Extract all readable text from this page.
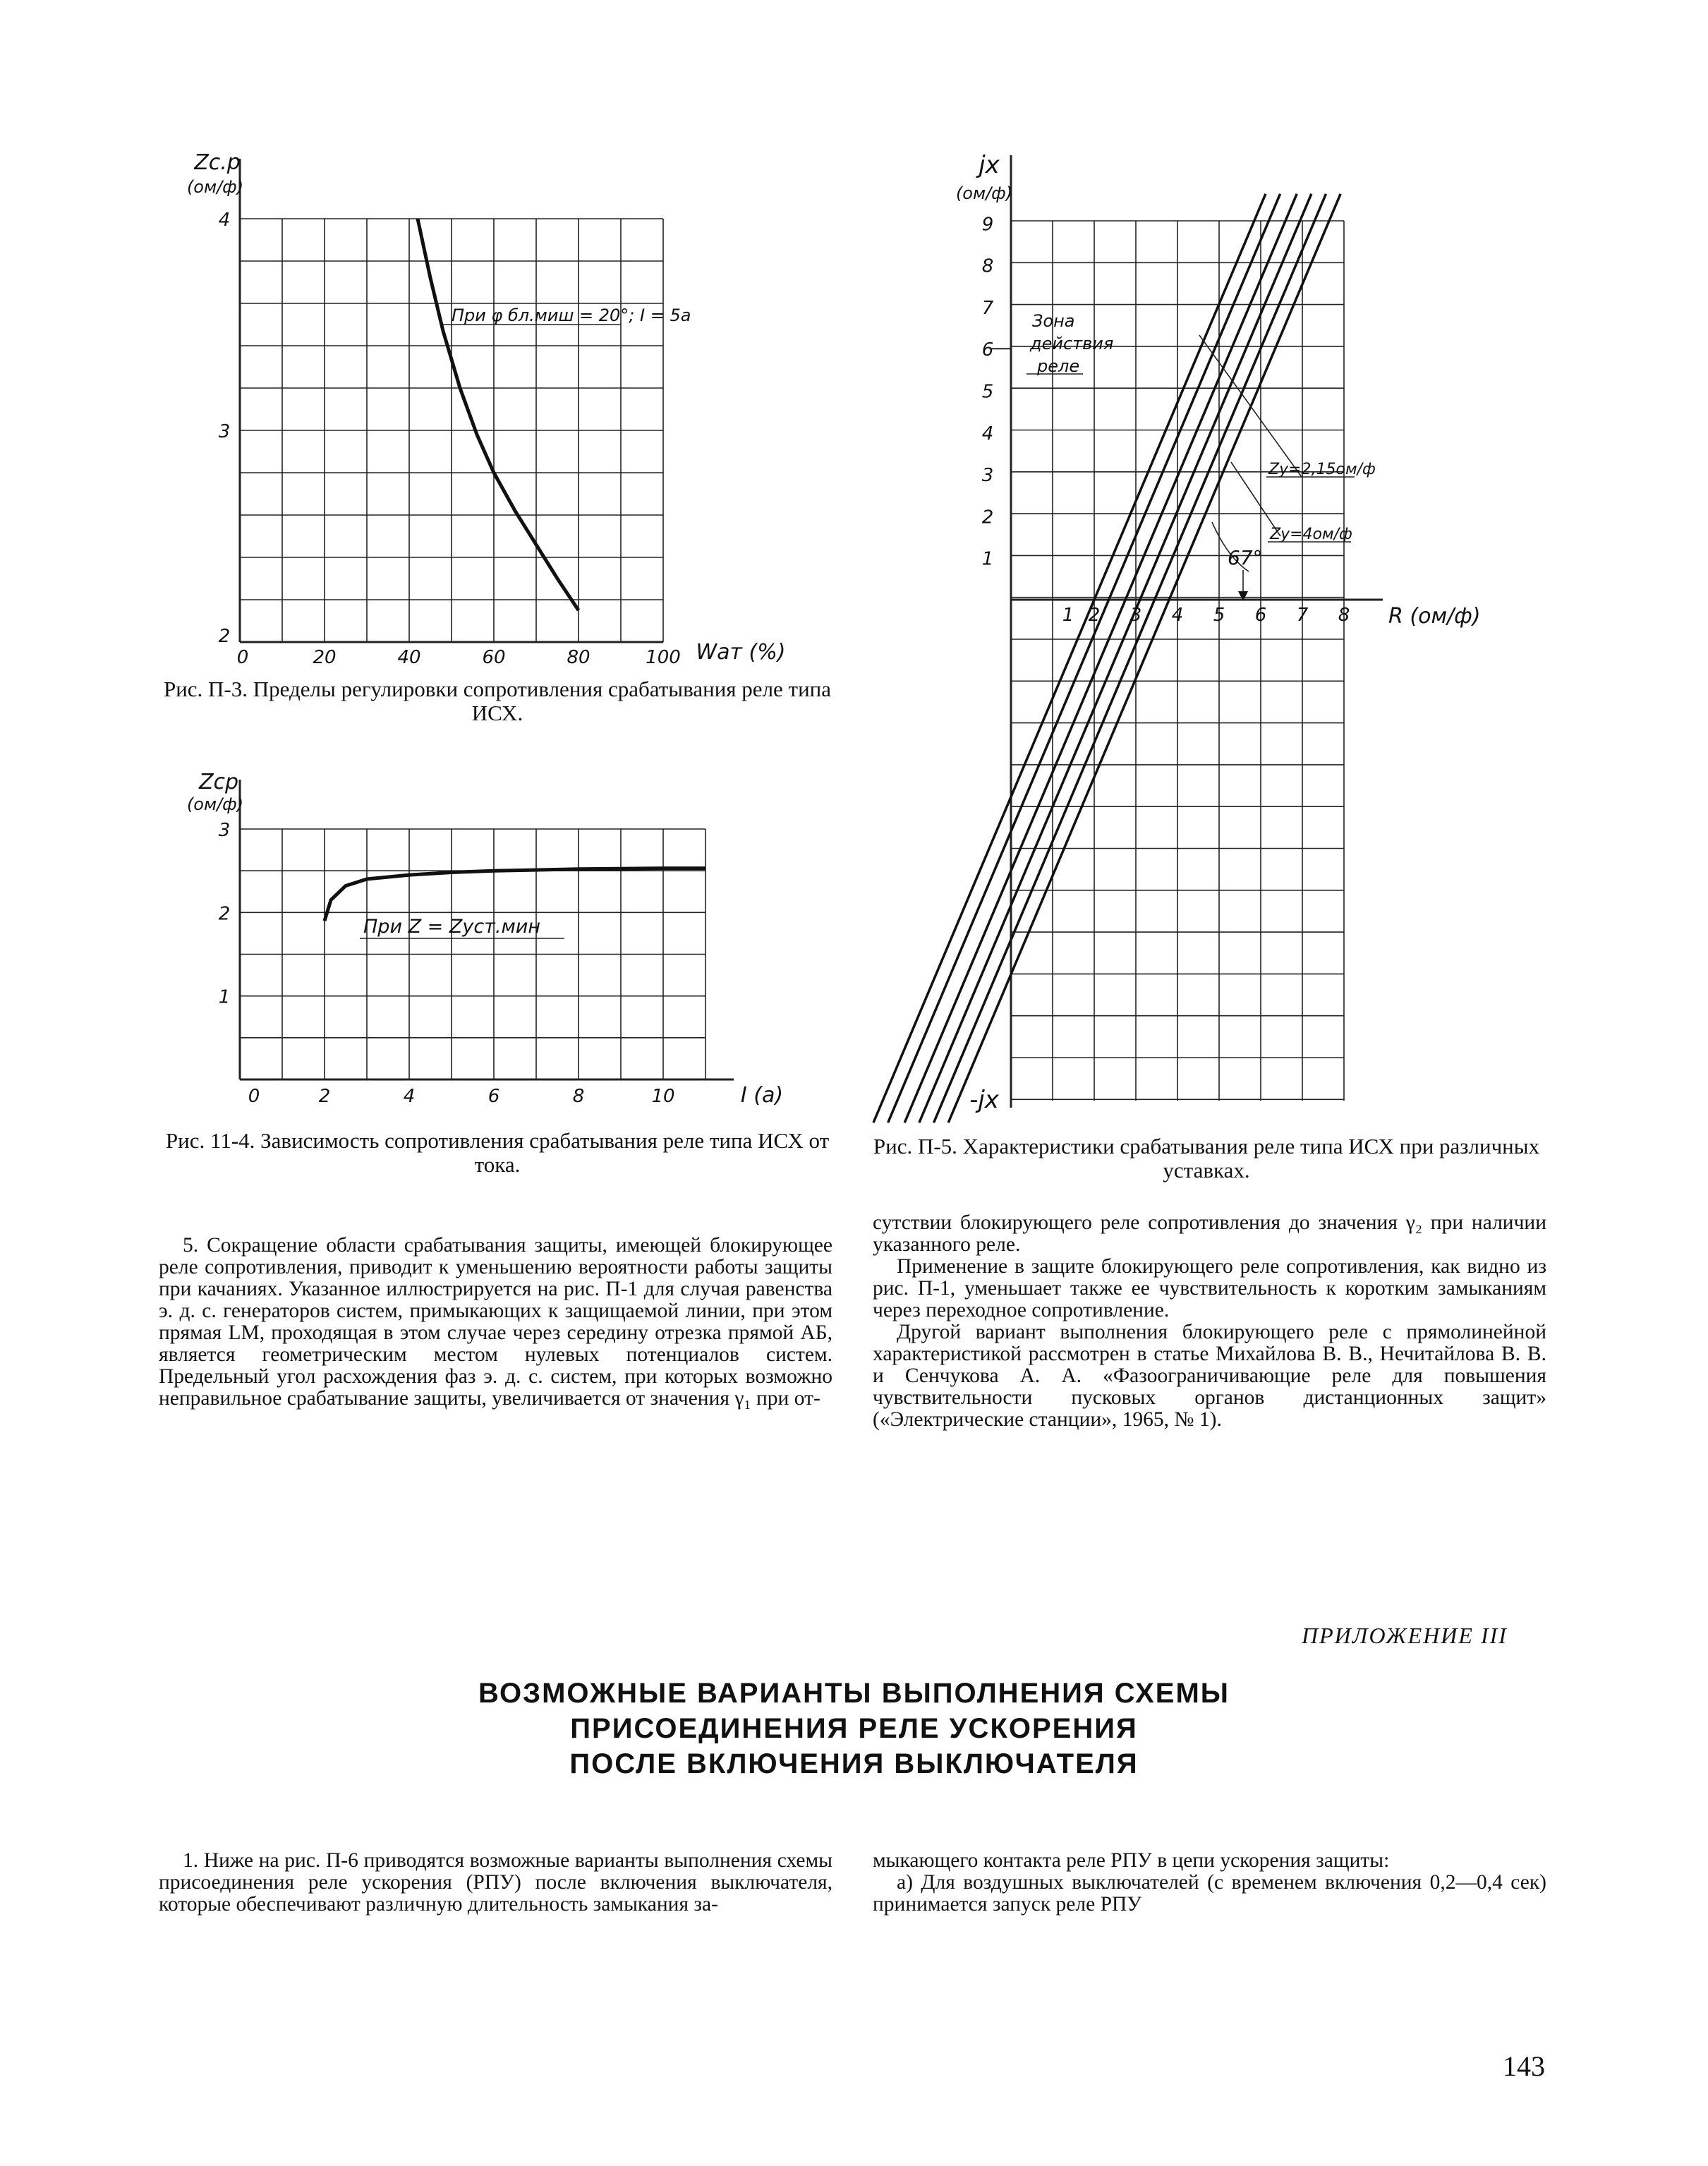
0	20	40	60	80	100
2
3
4
Zc.p
(ом/ф)
Wат (%)
При φ бл.миш = 20°; I = 5а
Рис. П-3. Пределы регулировки сопротивления срабатывания реле типа ИСХ.
0	2	4	6	8	10
1
2
3
Zср
(ом/ф)
I (а)
При Z = Zуст.мин
Рис. 11-4. Зависимость сопротивления срабатывания реле типа ИСХ от тока.
1
2
3
4
5
6
7
8
9
1 2 3 4 5 6 7 8
jx
(ом/ф)
-jx
R (ом/ф)
Зона
действия
реле
Zу=2,15ом/ф
Zу=4ом/ф
67°
Рис. П-5. Характеристики срабатывания реле типа ИСХ при различных уставках.

5. Сокращение области срабатывания защиты, имеющей блокирующее реле сопротивления, приводит к уменьшению вероятности работы защиты при качаниях. Указанное иллюстрируется на рис. П-1 для случая равенства э. д. с. генераторов систем, примыкающих к защищаемой линии, при этом прямая LM, проходящая в этом случае через середину отрезка прямой АБ, является геометрическим местом нулевых потенциалов систем. Предельный угол расхождения фаз э. д. с. систем, при которых возможно неправильное срабатывание защиты, увеличивается от значения γ₁ при от-

сутствии блокирующего реле сопротивления до значения γ₂ при наличии указанного реле.

Применение в защите блокирующего реле сопротивления, как видно из рис. П-1, уменьшает также ее чувствительность к коротким замыканиям через переходное сопротивление.

Другой вариант выполнения блокирующего реле с прямолинейной характеристикой рассмотрен в статье Михайлова В. В., Нечитайлова В. В. и Сенчукова А. А. «Фазоограничивающие реле для повышения чувствительности пусковых органов дистанционных защит» («Электрические станции», 1965, № 1).

ПРИЛОЖЕНИЕ III
ВОЗМОЖНЫЕ ВАРИАНТЫ ВЫПОЛНЕНИЯ СХЕМЫ
ПРИСОЕДИНЕНИЯ РЕЛЕ УСКОРЕНИЯ
ПОСЛЕ ВКЛЮЧЕНИЯ ВЫКЛЮЧАТЕЛЯ

1. Ниже на рис. П-6 приводятся возможные варианты выполнения схемы присоединения реле ускорения (РПУ) после включения выключателя, которые обеспечивают различную длительность замыкания за-

мыкающего контакта реле РПУ в цепи ускорения защиты:

а) Для воздушных выключателей (с временем включения 0,2—0,4 сек) принимается запуск реле РПУ

143
